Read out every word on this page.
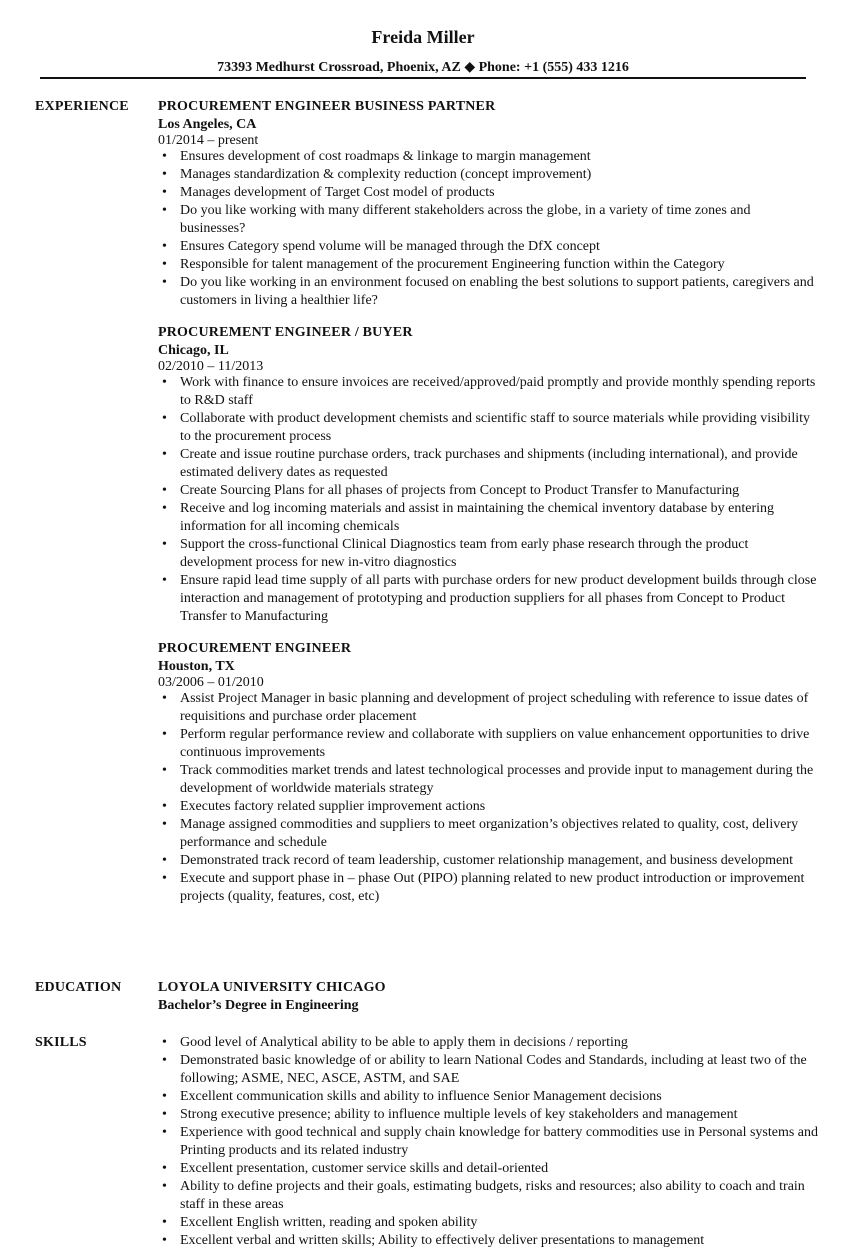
Freida Miller
73393 Medhurst Crossroad, Phoenix, AZ ◆ Phone: +1 (555) 433 1216
EXPERIENCE PROCUREMENT ENGINEER BUSINESS PARTNER
Los Angeles, CA
01/2014 – present
• Ensures development of cost roadmaps & linkage to margin management
• Manages standardization & complexity reduction (concept improvement)
• Manages development of Target Cost model of products
• Do you like working with many different stakeholders across the globe, in a variety of time zones and businesses?
• Ensures Category spend volume will be managed through the DfX concept
• Responsible for talent management of the procurement Engineering function within the Category
• Do you like working in an environment focused on enabling the best solutions to support patients, caregivers and customers in living a healthier life?
PROCUREMENT ENGINEER / BUYER
Chicago, IL
02/2010 – 11/2013
• Work with finance to ensure invoices are received/approved/paid promptly and provide monthly spending reports to R&D staff
• Collaborate with product development chemists and scientific staff to source materials while providing visibility to the procurement process
• Create and issue routine purchase orders, track purchases and shipments (including international), and provide estimated delivery dates as requested
• Create Sourcing Plans for all phases of projects from Concept to Product Transfer to Manufacturing
• Receive and log incoming materials and assist in maintaining the chemical inventory database by entering information for all incoming chemicals
• Support the cross-functional Clinical Diagnostics team from early phase research through the product development process for new in-vitro diagnostics
• Ensure rapid lead time supply of all parts with purchase orders for new product development builds through close interaction and management of prototyping and production suppliers for all phases from Concept to Product Transfer to Manufacturing
PROCUREMENT ENGINEER
Houston, TX
03/2006 – 01/2010
• Assist Project Manager in basic planning and development of project scheduling with reference to issue dates of requisitions and purchase order placement
• Perform regular performance review and collaborate with suppliers on value enhancement opportunities to drive continuous improvements
• Track commodities market trends and latest technological processes and provide input to management during the development of worldwide materials strategy
• Executes factory related supplier improvement actions
• Manage assigned commodities and suppliers to meet organization’s objectives related to quality, cost, delivery performance and schedule
• Demonstrated track record of team leadership, customer relationship management, and business development
• Execute and support phase in – phase Out (PIPO) planning related to new product introduction or improvement projects (quality, features, cost, etc)
EDUCATION	LOYOLA UNIVERSITY CHICAGO
Bachelor’s Degree in Engineering
SKILLS
•	Good level of Analytical ability to be able to apply them in decisions / reporting
• Demonstrated basic knowledge of or ability to learn National Codes and Standards, including at least two of the following; ASME, NEC, ASCE, ASTM, and SAE
• Excellent communication skills and ability to influence Senior Management decisions
• Strong executive presence; ability to influence multiple levels of key stakeholders and management
• Experience with good technical and supply chain knowledge for battery commodities use in Personal systems and Printing products and its related industry
• Excellent presentation, customer service skills and detail-oriented
• Ability to define projects and their goals, estimating budgets, risks and resources; also ability to coach and train staff in these areas
• Excellent English written, reading and spoken ability
• Excellent verbal and written skills; Ability to effectively deliver presentations to management
